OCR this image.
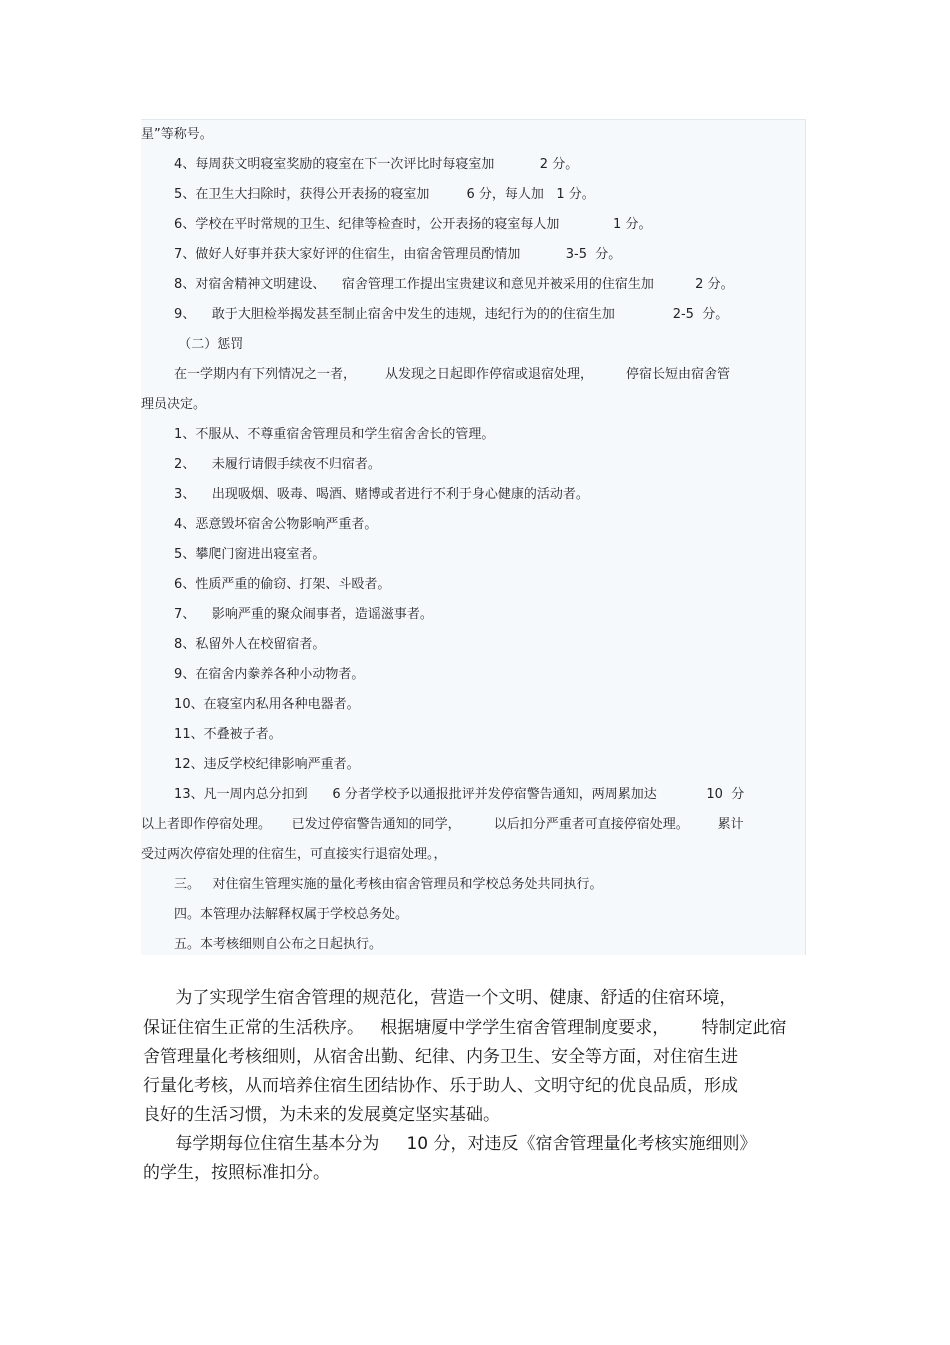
星”等称号。
4、每周获文明寝室奖励的寝室在下一次评比时每寝室加           2 分。
5、在卫生大扫除时，获得公开表扬的寝室加         6 分，每人加   1 分。
6、学校在平时常规的卫生、纪律等检查时，公开表扬的寝室每人加             1 分。
7、做好人好事并获大家好评的住宿生，由宿舍管理员酌情加           3-5  分。
8、对宿舍精神文明建设、    宿舍管理工作提出宝贵建议和意见并被采用的住宿生加          2 分。
9、    敢于大胆检举揭发甚至制止宿舍中发生的违规，违纪行为的的住宿生加              2-5  分。
（二）惩罚
在一学期内有下列情况之一者，       从发现之日起即作停宿或退宿处理，        停宿长短由宿舍管
理员决定。
1、不服从、不尊重宿舍管理员和学生宿舍舍长的管理。
2、    未履行请假手续夜不归宿者。
3、    出现吸烟、吸毒、喝酒、赌博或者进行不利于身心健康的活动者。
4、恶意毁坏宿舍公物影响严重者。
5、攀爬门窗进出寝室者。
6、性质严重的偷窃、打架、斗殴者。
7、    影响严重的聚众闹事者，造谣滋事者。
8、私留外人在校留宿者。
9、在宿舍内豢养各种小动物者。
10、在寝室内私用各种电器者。
11、不叠被子者。
12、违反学校纪律影响严重者。
13、凡一周内总分扣到      6 分者学校予以通报批评并发停宿警告通知，两周累加达            10  分
以上者即作停宿处理。     已发过停宿警告通知的同学，        以后扣分严重者可直接停宿处理。       累计
受过两次停宿处理的住宿生，可直接实行退宿处理。，
三。   对住宿生管理实施的量化考核由宿舍管理员和学校总务处共同执行。
四。本管理办法解释权属于学校总务处。
五。本考核细则自公布之日起执行。
为了实现学生宿舍管理的规范化，营造一个文明、健康、舒适的住宿环境，
保证住宿生正常的生活秩序。   根据塘厦中学学生宿舍管理制度要求，      特制定此宿
舍管理量化考核细则，从宿舍出勤、纪律、内务卫生、安全等方面，对住宿生进
行量化考核，从而培养住宿生团结协作、乐于助人、文明守纪的优良品质，形成
良好的生活习惯，为未来的发展奠定坚实基础。
每学期每位住宿生基本分为     10 分，对违反《宿舍管理量化考核实施细则》
的学生，按照标准扣分。
